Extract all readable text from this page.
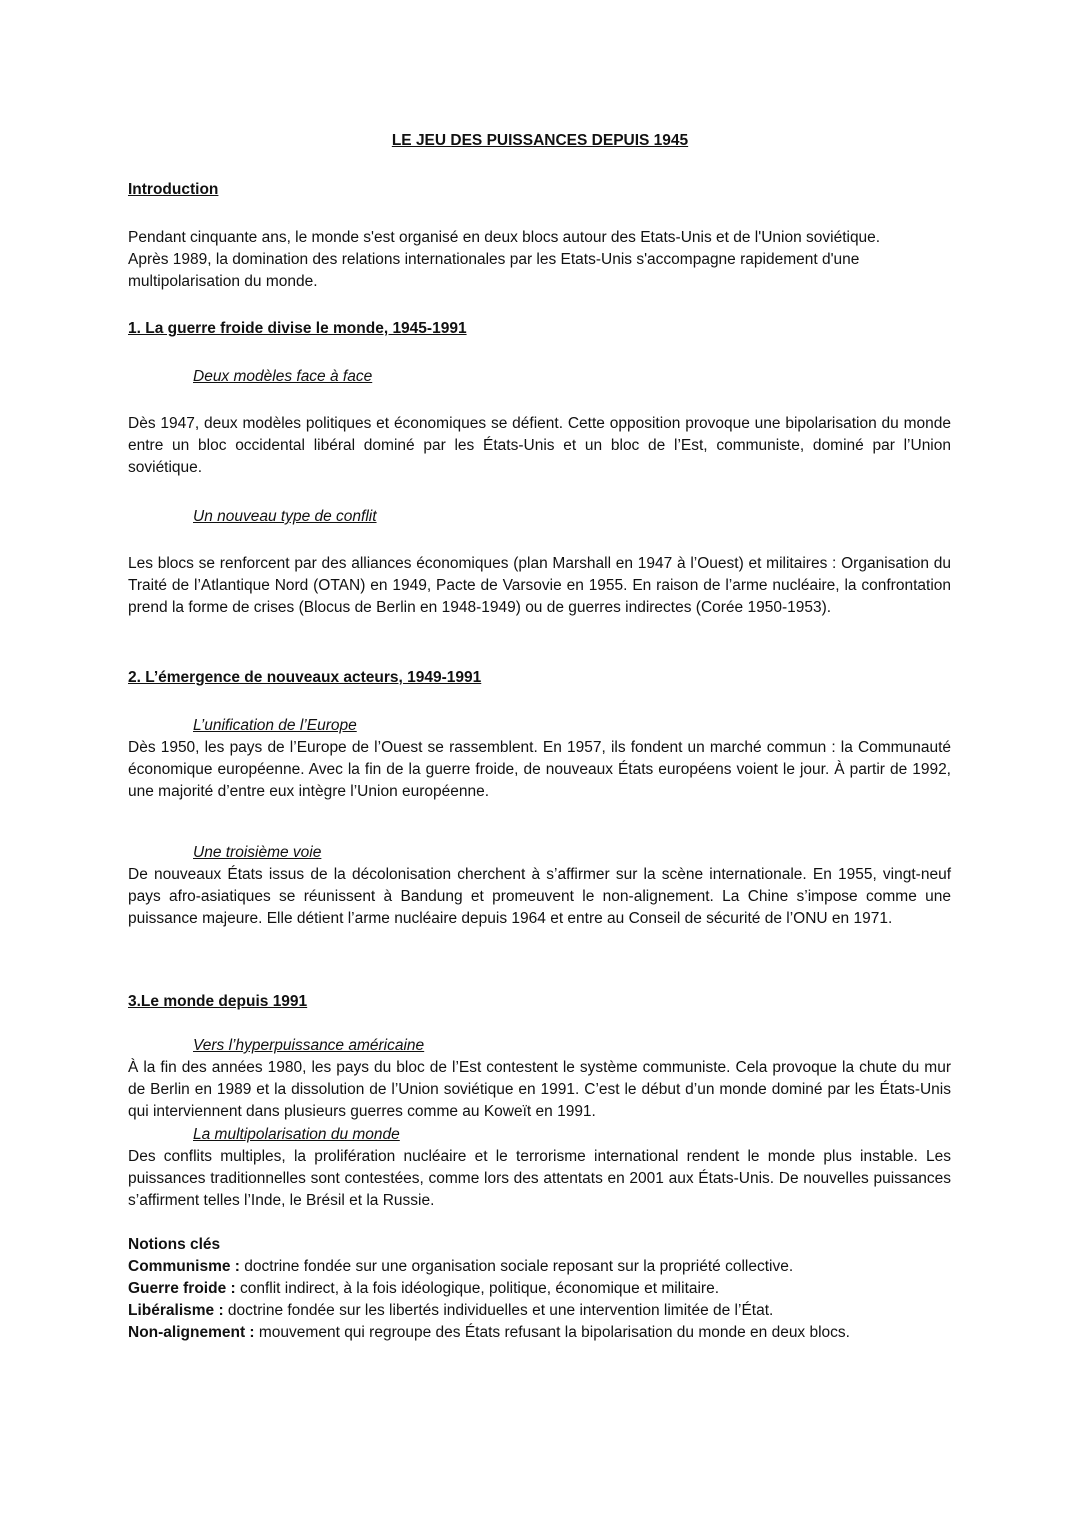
LE JEU DES PUISSANCES DEPUIS 1945

Introduction

Pendant cinquante ans, le monde s'est organisé en deux blocs autour des Etats-Unis et de l'Union soviétique.
Après 1989, la domination des relations internationales par les Etats-Unis s'accompagne rapidement d'une
multipolarisation du monde.

1. La guerre froide divise le monde, 1945-1991

Deux modèles face à face

Dès 1947, deux modèles politiques et économiques se défient. Cette opposition provoque une bipolarisation du monde entre un bloc occidental libéral dominé par les États-Unis et un bloc de l’Est, communiste, dominé par l’Union soviétique.

Un nouveau type de conflit

Les blocs se renforcent par des alliances économiques (plan Marshall en 1947 à l’Ouest) et militaires : Organisation du Traité de l’Atlantique Nord (OTAN) en 1949, Pacte de Varsovie en 1955. En raison de l’arme nucléaire, la confrontation prend la forme de crises (Blocus de Berlin en 1948-1949) ou de guerres indirectes (Corée 1950-1953).

2. L’émergence de nouveaux acteurs, 1949-1991

L’unification de l’Europe

Dès 1950, les pays de l’Europe de l’Ouest se rassemblent. En 1957, ils fondent un marché commun : la Communauté économique européenne. Avec la fin de la guerre froide, de nouveaux États européens voient le jour. À partir de 1992, une majorité d’entre eux intègre l’Union européenne.

Une troisième voie

De nouveaux États issus de la décolonisation cherchent à s’affirmer sur la scène internationale. En 1955, vingt-neuf pays afro-asiatiques se réunissent à Bandung et promeuvent le non-alignement. La Chine s’impose comme une puissance majeure. Elle détient l’arme nucléaire depuis 1964 et entre au Conseil de sécurité de l’ONU en 1971.

3.Le monde depuis 1991

Vers l’hyperpuissance américaine

À la fin des années 1980, les pays du bloc de l’Est contestent le système communiste. Cela provoque la chute du mur de Berlin en 1989 et la dissolution de l’Union soviétique en 1991. C’est le début d’un monde dominé par les États-Unis qui interviennent dans plusieurs guerres comme au Koweït en 1991.

La multipolarisation du monde

Des conflits multiples, la prolifération nucléaire et le terrorisme international rendent le monde plus instable. Les puissances traditionnelles sont contestées, comme lors des attentats en 2001 aux États-Unis. De nouvelles puissances s’affirment telles l’Inde, le Brésil et la Russie.

Notions clés
Communisme : doctrine fondée sur une organisation sociale reposant sur la propriété collective.
Guerre froide : conflit indirect, à la fois idéologique, politique, économique et militaire.
Libéralisme : doctrine fondée sur les libertés individuelles et une intervention limitée de l’État.
Non-alignement : mouvement qui regroupe des États refusant la bipolarisation du monde en deux blocs.
